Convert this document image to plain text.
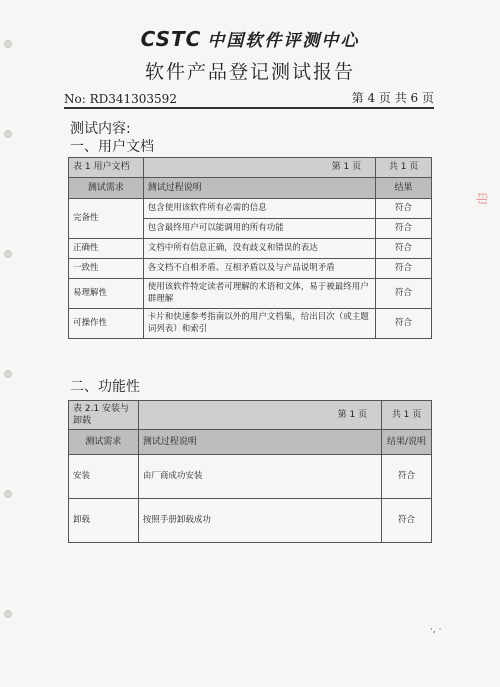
CSTC 中国软件评测中心
软件产品登记测试报告
No: RD341303592	第 4 页 共 6 页
测试内容:
一、用户文档
表 1 用户文档	第 1 页	共 1 页
测试需求	测试过程说明	结果
完备性	包含使用该软件所有必需的信息	符合
	包含最终用户可以能调用的所有功能	符合
正确性	文档中所有信息正确，没有歧义和错误的表达	符合
一致性	各文档不自相矛盾、互相矛盾以及与产品说明矛盾	符合
易理解性	使用该软件特定读者可理解的术语和文体，易于被最终用户群理解	符合
可操作性	卡片和快速参考指南以外的用户文档集，给出目次（或主题词列表）和索引	符合
二、功能性
表 2.1 安装与卸载	第 1 页	共 1 页
测试需求	测试过程说明	结果/说明
安装	由厂商成功安装	符合
卸载	按照手册卸载成功	符合
印
·, ·
